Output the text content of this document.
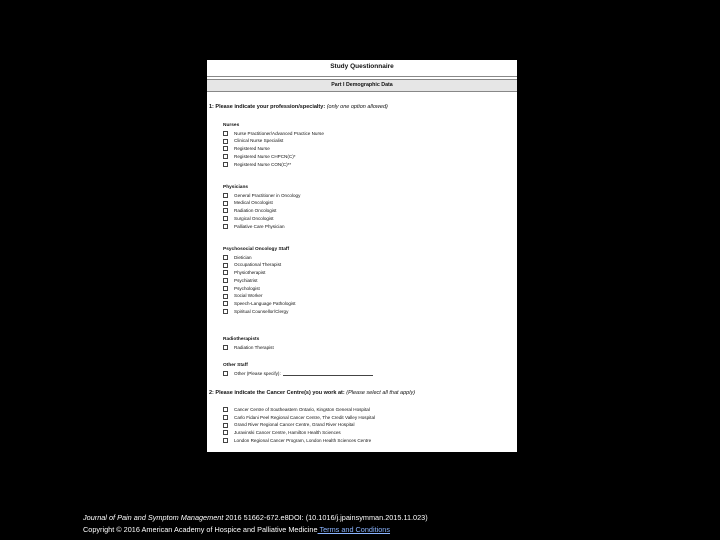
Study Questionnaire
Part I Demographic Data
1: Please indicate your profession/specialty: (only one option allowed)
Nurses
Nurse Practitioner/Advanced Practice Nurse
Clinical Nurse Specialist
Registered Nurse
Registered Nurse CHPCN(C)*
Registered Nurse CON(C)**
Physicians
General Practitioner in Oncology
Medical Oncologist
Radiation Oncologist
Surgical Oncologist
Palliative Care Physician
Psychosocial Oncology Staff
Dietician
Occupational Therapist
Physiotherapist
Psychiatrist
Psychologist
Social Worker
Speech-Language Pathologist
Spiritual Counsellor/Clergy
Radiotherapists
Radiation Therapist
Other Staff
Other (Please specify):
2: Please indicate the Cancer Centre(s) you work at: (Please select all that apply)
Cancer Centre of Southeastern Ontario, Kingston General Hospital
Carlo Fidani Peel Regional Cancer Centre, The Credit Valley Hospital
Grand River Regional Cancer Centre, Grand River Hospital
Juravinski Cancer Centre, Hamilton Health Sciences
London Regional Cancer Program, London Health Sciences Centre
Journal of Pain and Symptom Management 2016 51662-672.e8DOI: (10.1016/j.jpainsymman.2015.11.023)
Copyright © 2016 American Academy of Hospice and Palliative Medicine Terms and Conditions
